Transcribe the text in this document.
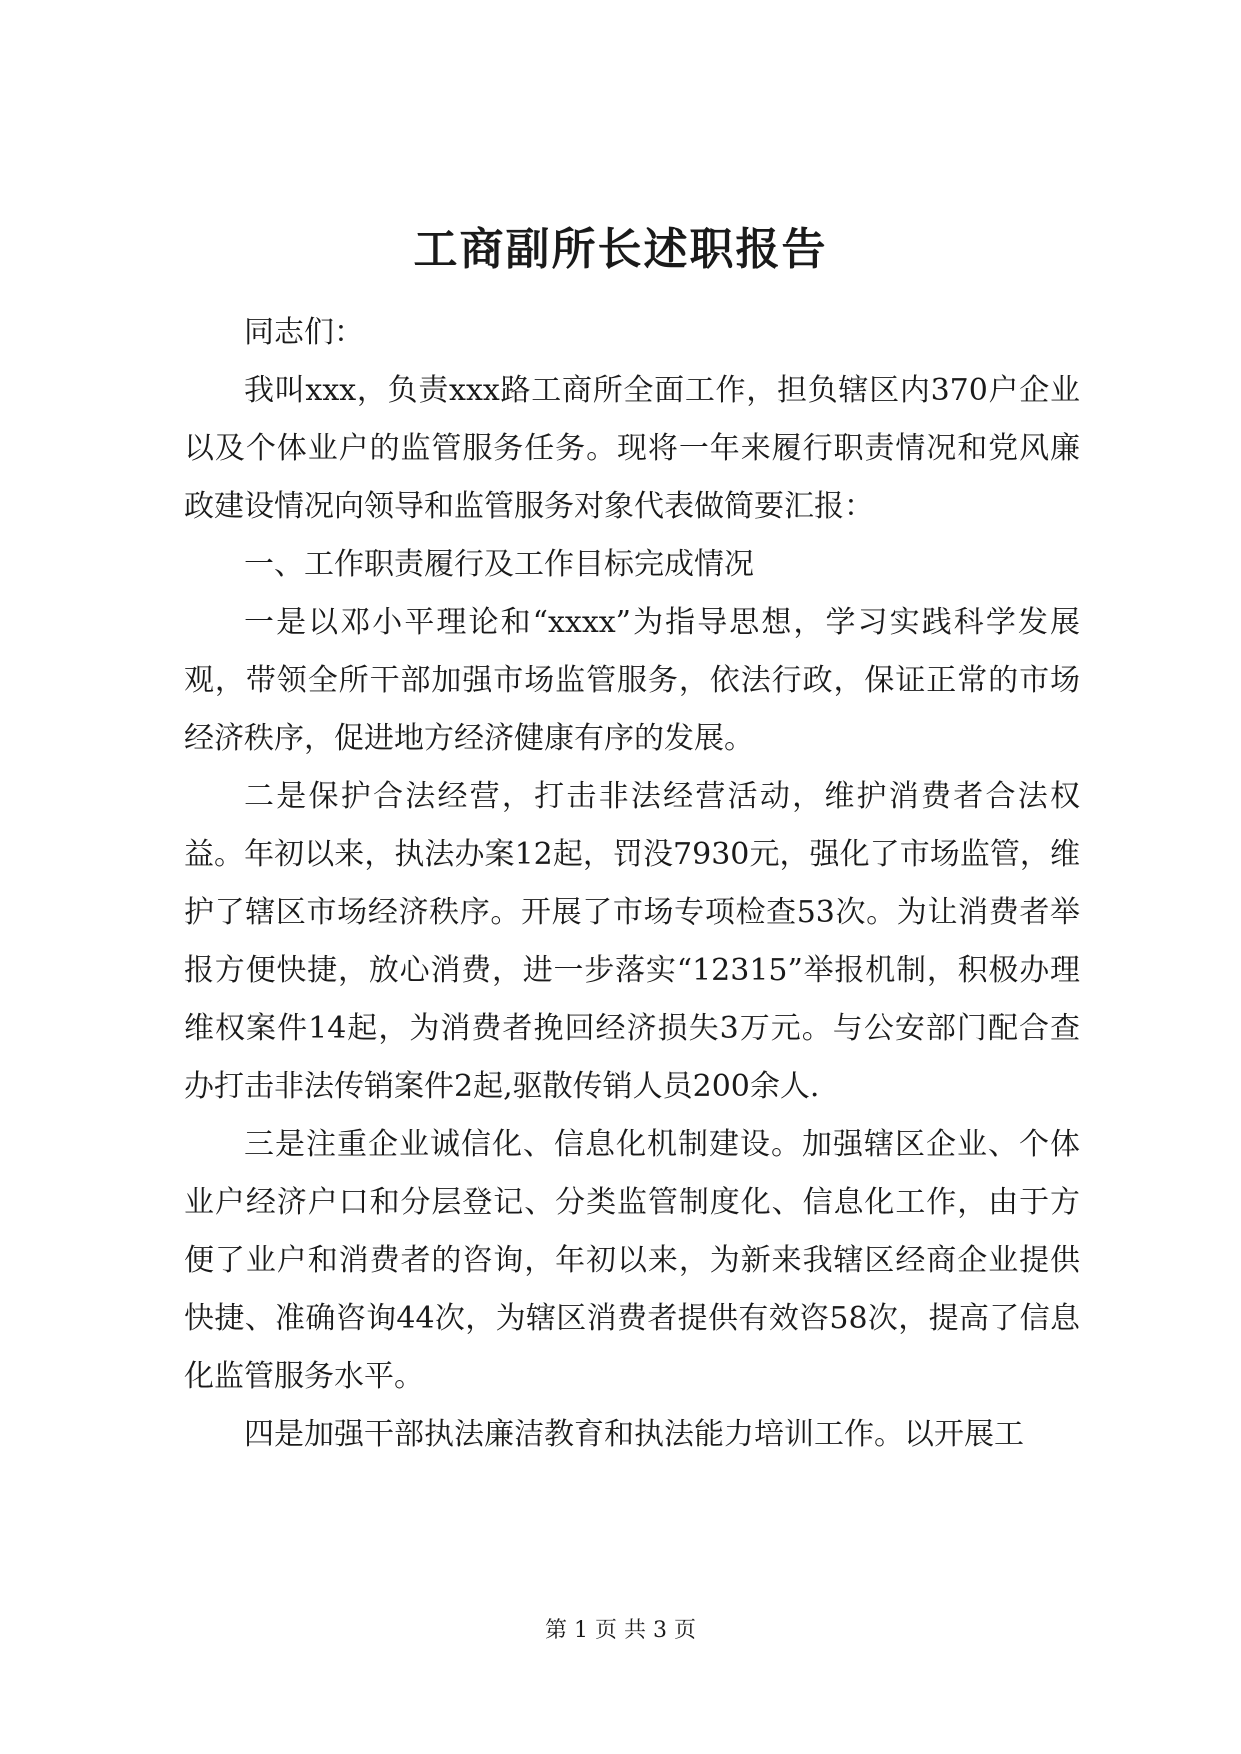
工商副所长述职报告

同志们：

我叫xxx，负责xxx路工商所全面工作，担负辖区内370户企业以及个体业户的监管服务任务。现将一年来履行职责情况和党风廉政建设情况向领导和监管服务对象代表做简要汇报：

一、工作职责履行及工作目标完成情况

一是以邓小平理论和“xxxx”为指导思想，学习实践科学发展观，带领全所干部加强市场监管服务，依法行政，保证正常的市场经济秩序，促进地方经济健康有序的发展。

二是保护合法经营，打击非法经营活动，维护消费者合法权益。年初以来，执法办案12起，罚没7930元，强化了市场监管，维护了辖区市场经济秩序。开展了市场专项检查53次。为让消费者举报方便快捷，放心消费，进一步落实“12315”举报机制，积极办理维权案件14起，为消费者挽回经济损失3万元。与公安部门配合查办打击非法传销案件2起,驱散传销人员200余人.

三是注重企业诚信化、信息化机制建设。加强辖区企业、个体业户经济户口和分层登记、分类监管制度化、信息化工作，由于方便了业户和消费者的咨询，年初以来，为新来我辖区经商企业提供快捷、准确咨询44次，为辖区消费者提供有效咨58次，提高了信息化监管服务水平。

四是加强干部执法廉洁教育和执法能力培训工作。以开展工

第 1 页 共 3 页
